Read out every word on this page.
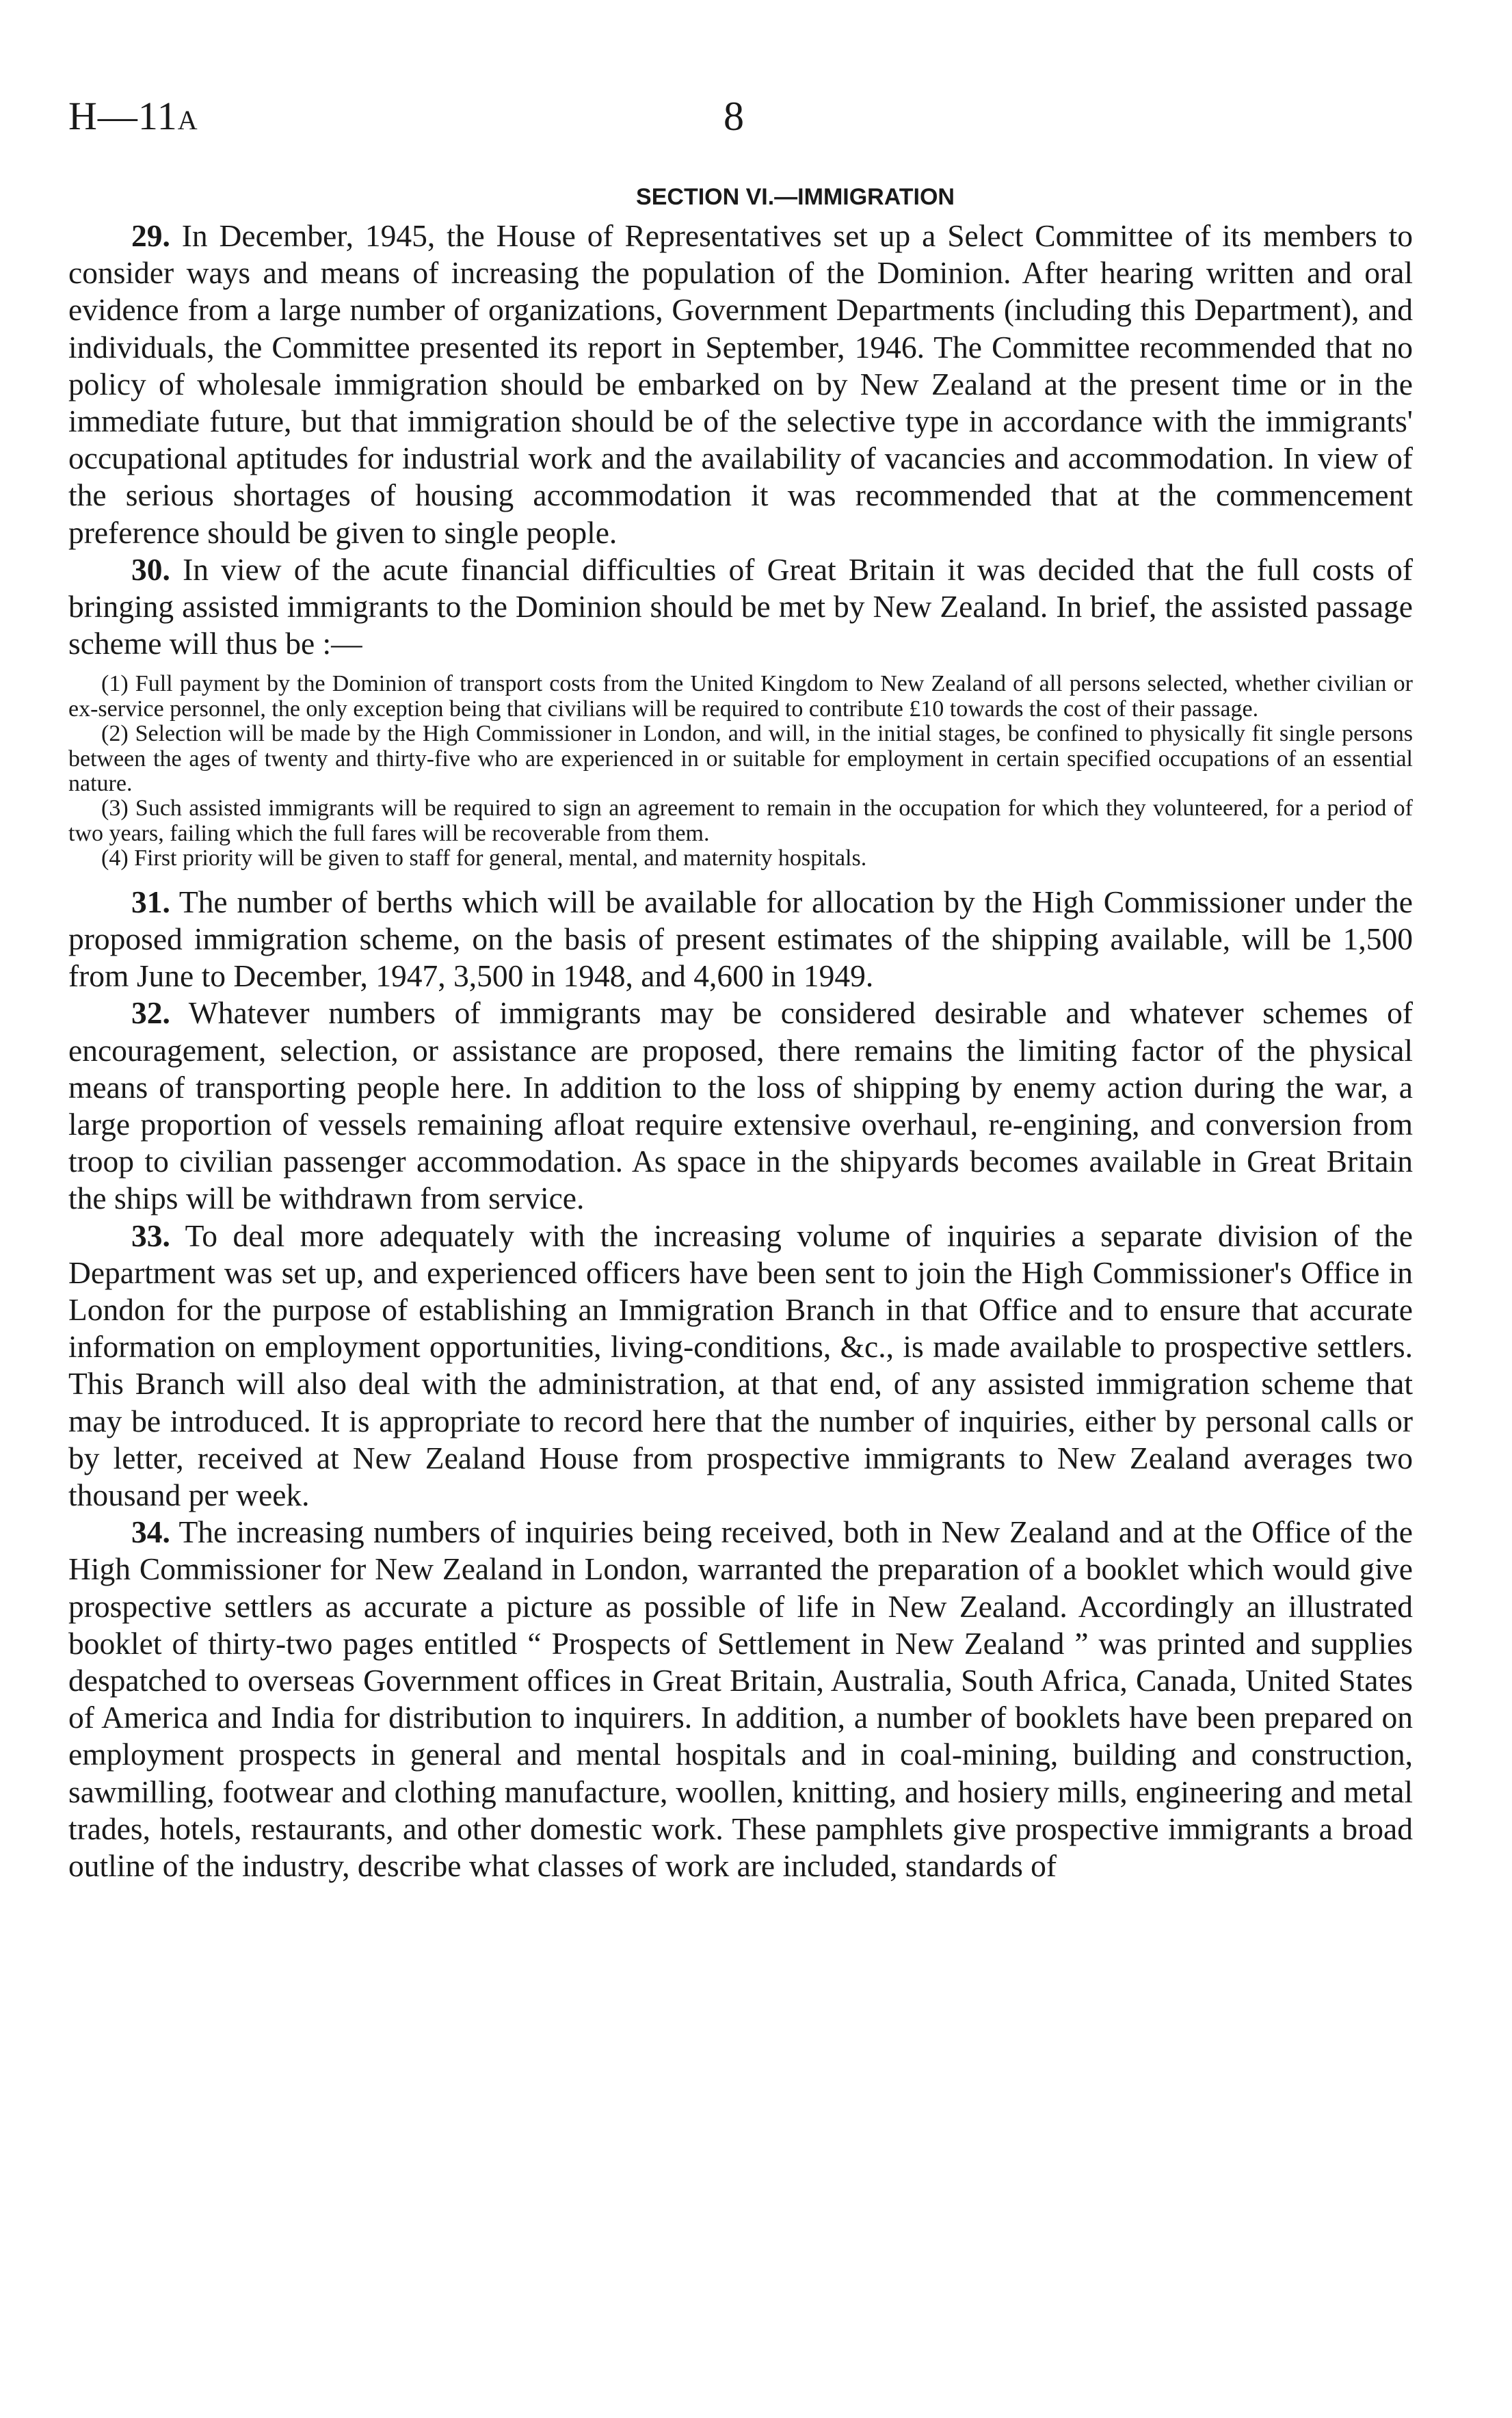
H—11A	8
SECTION VI.—IMMIGRATION

29. In December, 1945, the House of Representatives set up a Select Committee of its members to consider ways and means of increasing the population of the Dominion. After hearing written and oral evidence from a large number of organizations, Government Departments (including this Department), and individuals, the Committee presented its report in September, 1946. The Committee recommended that no policy of wholesale immigration should be embarked on by New Zealand at the present time or in the immediate future, but that immigration should be of the selective type in accordance with the immigrants' occupational aptitudes for industrial work and the availability of vacancies and accommodation. In view of the serious shortages of housing accommodation it was recommended that at the commencement preference should be given to single people.

30. In view of the acute financial difficulties of Great Britain it was decided that the full costs of bringing assisted immigrants to the Dominion should be met by New Zealand. In brief, the assisted passage scheme will thus be :—

(1) Full payment by the Dominion of transport costs from the United Kingdom to New Zealand of all persons selected, whether civilian or ex-service personnel, the only exception being that civilians will be required to contribute £10 towards the cost of their passage.

(2) Selection will be made by the High Commissioner in London, and will, in the initial stages, be confined to physically fit single persons between the ages of twenty and thirty-five who are experienced in or suitable for employment in certain specified occupations of an essential nature.

(3) Such assisted immigrants will be required to sign an agreement to remain in the occupation for which they volunteered, for a period of two years, failing which the full fares will be recoverable from them.

(4) First priority will be given to staff for general, mental, and maternity hospitals.

31. The number of berths which will be available for allocation by the High Commissioner under the proposed immigration scheme, on the basis of present estimates of the shipping available, will be 1,500 from June to December, 1947, 3,500 in 1948, and 4,600 in 1949.

32. Whatever numbers of immigrants may be considered desirable and whatever schemes of encouragement, selection, or assistance are proposed, there remains the limiting factor of the physical means of transporting people here. In addition to the loss of shipping by enemy action during the war, a large proportion of vessels remaining afloat require extensive overhaul, re-engining, and conversion from troop to civilian passenger accommodation. As space in the shipyards becomes available in Great Britain the ships will be withdrawn from service.

33. To deal more adequately with the increasing volume of inquiries a separate division of the Department was set up, and experienced officers have been sent to join the High Commissioner's Office in London for the purpose of establishing an Immigration Branch in that Office and to ensure that accurate information on employment opportunities, living-conditions, &c., is made available to prospective settlers. This Branch will also deal with the administration, at that end, of any assisted immigration scheme that may be introduced. It is appropriate to record here that the number of inquiries, either by personal calls or by letter, received at New Zealand House from prospective immigrants to New Zealand averages two thousand per week.

34. The increasing numbers of inquiries being received, both in New Zealand and at the Office of the High Commissioner for New Zealand in London, warranted the preparation of a booklet which would give prospective settlers as accurate a picture as possible of life in New Zealand. Accordingly an illustrated booklet of thirty-two pages entitled “ Prospects of Settlement in New Zealand ” was printed and supplies despatched to overseas Government offices in Great Britain, Australia, South Africa, Canada, United States of America and India for distribution to inquirers. In addition, a number of booklets have been prepared on employment prospects in general and mental hospitals and in coal-mining, building and construction, sawmilling, footwear and clothing manufacture, woollen, knitting, and hosiery mills, engineering and metal trades, hotels, restaurants, and other domestic work. These pamphlets give prospective immigrants a broad outline of the industry, describe what classes of work are included, standards of
